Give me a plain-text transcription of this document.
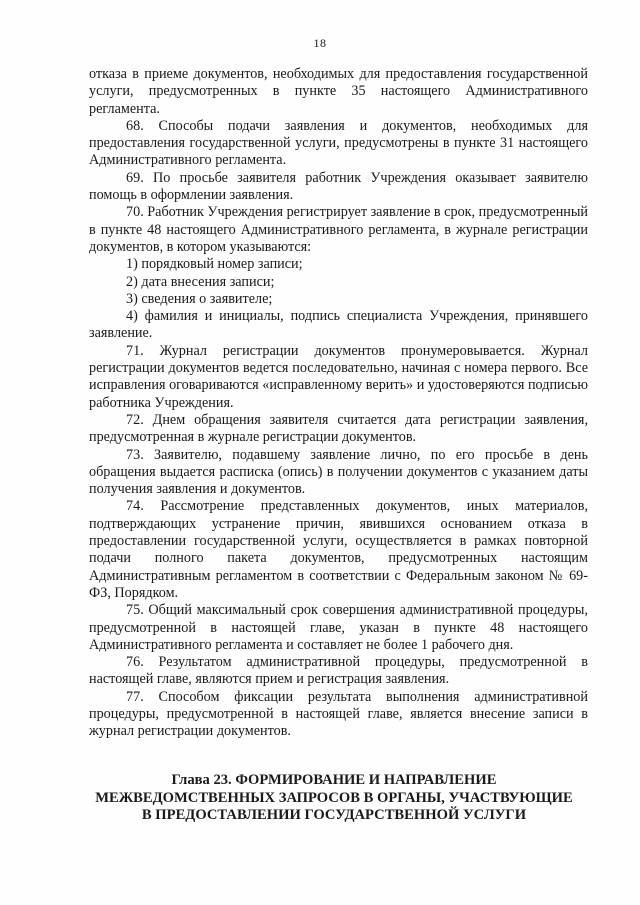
18

отказа в приеме документов, необходимых для предоставления государственной услуги, предусмотренных в пункте 35 настоящего Административного регламента.

68. Способы подачи заявления и документов, необходимых для предоставления государственной услуги, предусмотрены в пункте 31 настоящего Административного регламента.

69. По просьбе заявителя работник Учреждения оказывает заявителю помощь в оформлении заявления.

70. Работник Учреждения регистрирует заявление в срок, предусмотренный в пункте 48 настоящего Административного регламента, в журнале регистрации документов, в котором указываются:

1) порядковый номер записи;

2) дата внесения записи;

3) сведения о заявителе;

4) фамилия и инициалы, подпись специалиста Учреждения, принявшего заявление.

71. Журнал регистрации документов пронумеровывается. Журнал регистрации документов ведется последовательно, начиная с номера первого. Все исправления оговариваются «исправленному верить» и удостоверяются подписью работника Учреждения.

72. Днем обращения заявителя считается дата регистрации заявления, предусмотренная в журнале регистрации документов.

73. Заявителю, подавшему заявление лично, по его просьбе в день обращения выдается расписка (опись) в получении документов с указанием даты получения заявления и документов.

74. Рассмотрение представленных документов, иных материалов, подтверждающих устранение причин, явившихся основанием отказа в предоставлении государственной услуги, осуществляется в рамках повторной подачи полного пакета документов, предусмотренных настоящим Административным регламентом в соответствии с Федеральным законом № 69-ФЗ, Порядком.

75. Общий максимальный срок совершения административной процедуры, предусмотренной в настоящей главе, указан в пункте 48 настоящего Административного регламента и составляет не более 1 рабочего дня.

76. Результатом административной процедуры, предусмотренной в настоящей главе, являются прием и регистрация заявления.

77. Способом фиксации результата выполнения административной процедуры, предусмотренной в настоящей главе, является внесение записи в журнал регистрации документов.

Глава 23. ФОРМИРОВАНИЕ И НАПРАВЛЕНИЕ
МЕЖВЕДОМСТВЕННЫХ ЗАПРОСОВ В ОРГАНЫ, УЧАСТВУЮЩИЕ
В ПРЕДОСТАВЛЕНИИ ГОСУДАРСТВЕННОЙ УСЛУГИ
